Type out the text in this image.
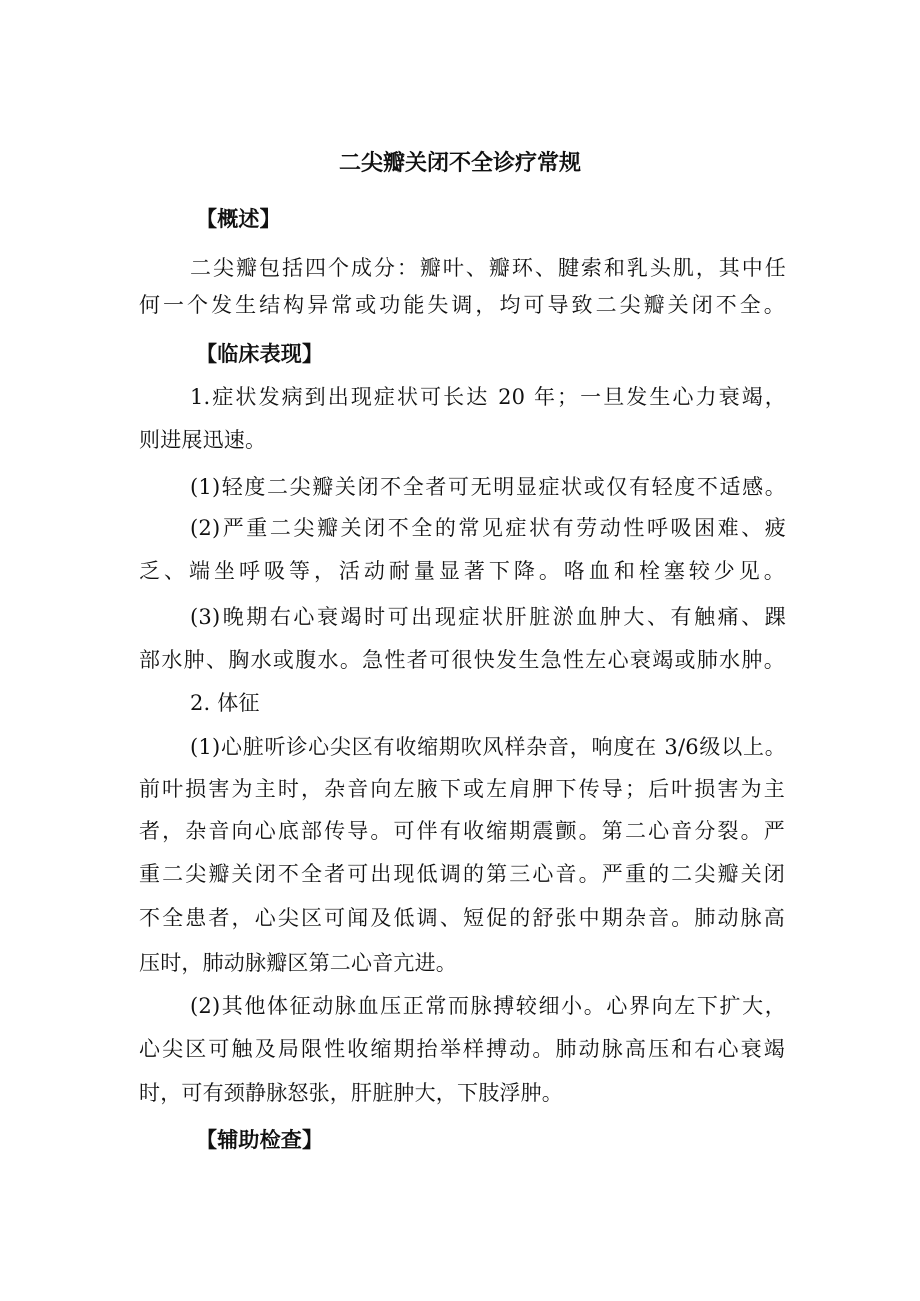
二尖瓣关闭不全诊疗常规
【概述】
二尖瓣包括四个成分：瓣叶、瓣环、腱索和乳头肌，其中任
何一个发生结构异常或功能失调，均可导致二尖瓣关闭不全。
【临床表现】
1.症状发病到出现症状可长达 20 年；一旦发生心力衰竭，
则进展迅速。
(1)轻度二尖瓣关闭不全者可无明显症状或仅有轻度不适感。
(2)严重二尖瓣关闭不全的常见症状有劳动性呼吸困难、疲
乏、端坐呼吸等，活动耐量显著下降。咯血和栓塞较少见。
(3)晚期右心衰竭时可出现症状肝脏淤血肿大、有触痛、踝
部水肿、胸水或腹水。急性者可很快发生急性左心衰竭或肺水肿。
2. 体征
(1)心脏听诊心尖区有收缩期吹风样杂音，响度在 3/6级以上。
前叶损害为主时，杂音向左腋下或左肩胛下传导；后叶损害为主
者，杂音向心底部传导。可伴有收缩期震颤。第二心音分裂。严
重二尖瓣关闭不全者可出现低调的第三心音。严重的二尖瓣关闭
不全患者，心尖区可闻及低调、短促的舒张中期杂音。肺动脉高
压时，肺动脉瓣区第二心音亢进。
(2)其他体征动脉血压正常而脉搏较细小。心界向左下扩大，
心尖区可触及局限性收缩期抬举样搏动。肺动脉高压和右心衰竭
时，可有颈静脉怒张，肝脏肿大，下肢浮肿。
【辅助检查】
